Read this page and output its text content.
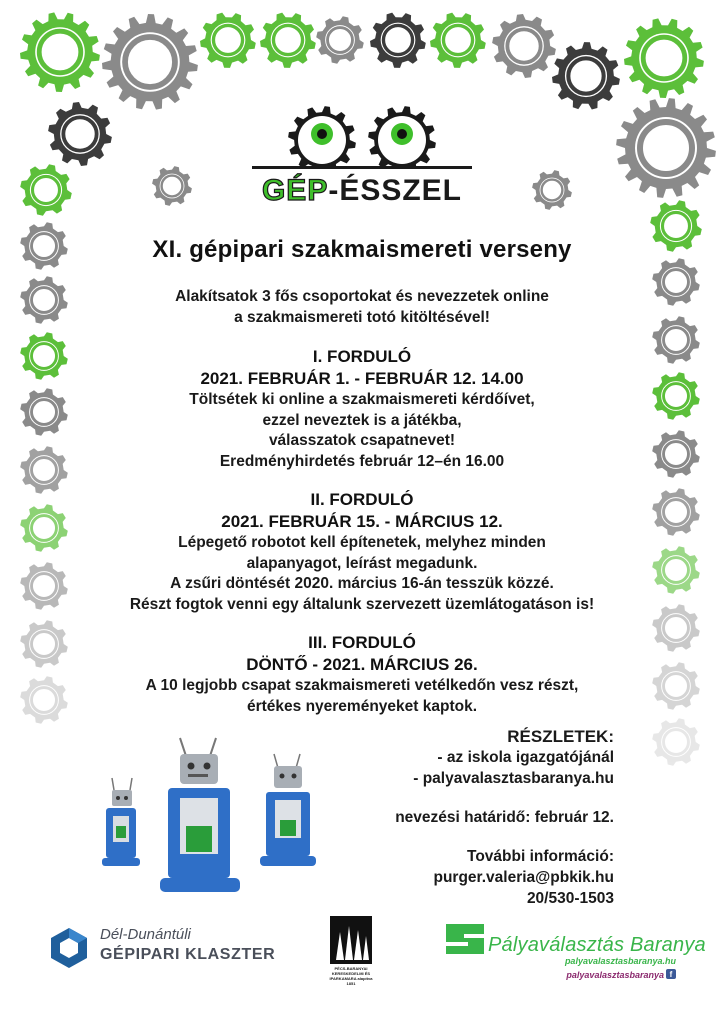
GÉP-ÉSSZEL
XI. gépipari szakmaismereti verseny
Alakítsatok 3 fős csoportokat és nevezzetek online
a szakmaismereti totó kitöltésével!
I. FORDULÓ
2021. FEBRUÁR 1. - FEBRUÁR 12. 14.00
Töltsétek ki online a szakmaismereti kérdőívet,
ezzel neveztek is a játékba,
válasszatok csapatnevet!
Eredményhirdetés február 12–én 16.00
II. FORDULÓ
2021. FEBRUÁR 15. - MÁRCIUS 12.
Lépegető robotot kell építenetek, melyhez minden
alapanyagot, leírást megadunk.
A zsűri döntését 2020. március 16-án tesszük közzé.
Részt fogtok venni egy általunk szervezett üzemlátogatáson is!
III. FORDULÓ
DÖNTŐ - 2021. MÁRCIUS 26.
A 10 legjobb csapat szakmaismereti vetélkedőn vesz részt,
értékes nyereményeket kaptok.
RÉSZLETEK:
- az iskola igazgatójánál
- palyavalasztasbaranya.hu
nevezési határidő: február 12.
További információ:
purger.valeria@pbkik.hu
20/530-1503
Dél-Dunántúli
GÉPIPARI KLASZTER
PÉCS-BARANYAI KERESKEDELMI ÉS IPARKAMARA alapítva 1851
Pályaválasztás Baranya
palyavalasztasbaranya.hu
palyavalasztasbaranya f
